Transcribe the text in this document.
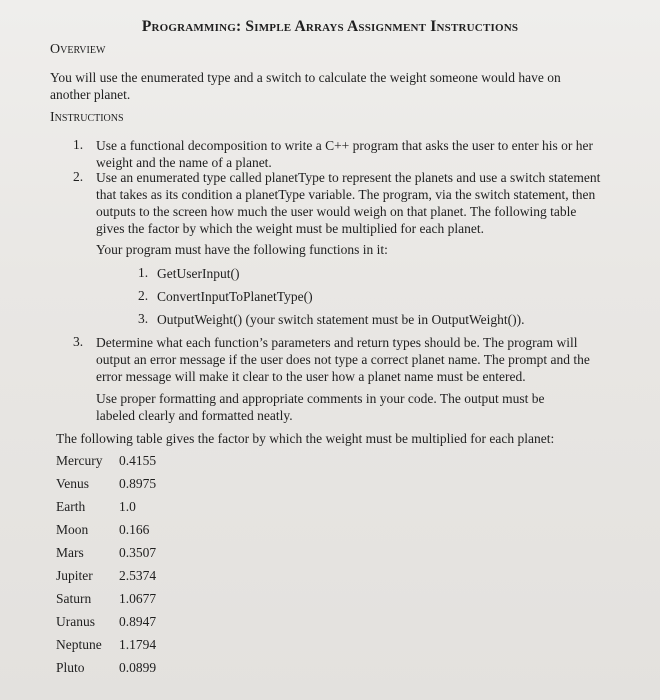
Programming: Simple Arrays Assignment Instructions
Overview
You will use the enumerated type and a switch to calculate the weight someone would have on another planet.
Instructions
1. Use a functional decomposition to write a C++ program that asks the user to enter his or her weight and the name of a planet.
2. Use an enumerated type called planetType to represent the planets and use a switch statement that takes as its condition a planetType variable. The program, via the switch statement, then outputs to the screen how much the user would weigh on that planet. The following table gives the factor by which the weight must be multiplied for each planet.
Your program must have the following functions in it:
1. GetUserInput()
2. ConvertInputToPlanetType()
3. OutputWeight() (your switch statement must be in OutputWeight()).
3. Determine what each function’s parameters and return types should be. The program will output an error message if the user does not type a correct planet name. The prompt and the error message will make it clear to the user how a planet name must be entered.
Use proper formatting and appropriate comments in your code. The output must be labeled clearly and formatted neatly.
The following table gives the factor by which the weight must be multiplied for each planet:
Mercury 0.4155
Venus 0.8975
Earth	1.0
Moon 0.166
Mars	0.3507
Jupiter 2.5374
Saturn 1.0677
Uranus 0.8947
Neptune 1.1794
Pluto	0.0899
